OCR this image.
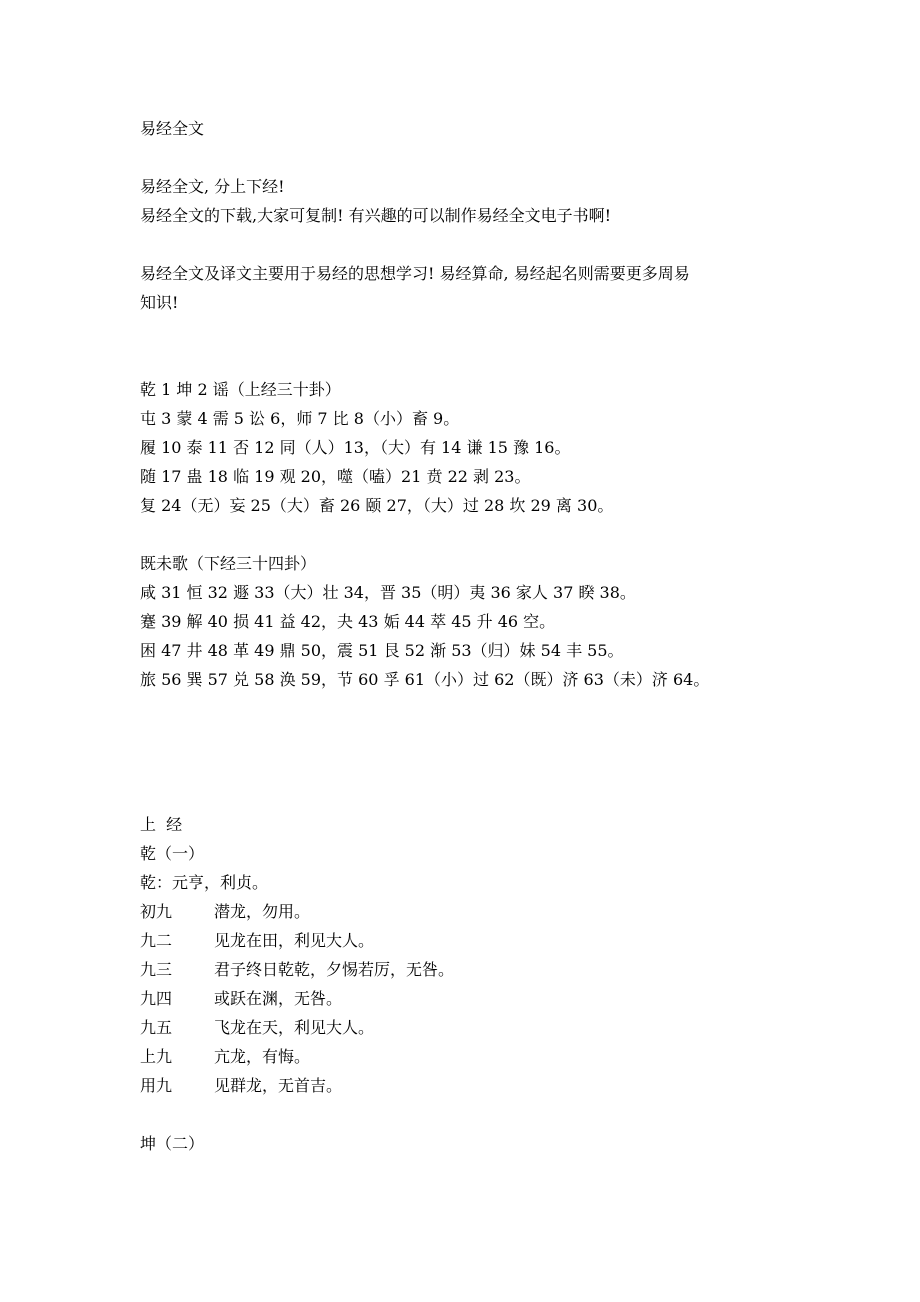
易经全文
易经全文, 分上下经!
易经全文的下载,大家可复制! 有兴趣的可以制作易经全文电子书啊!
易经全文及译文主要用于易经的思想学习! 易经算命, 易经起名则需要更多周易
知识!
乾 1 坤 2 谣（上经三十卦）
屯 3 蒙 4 需 5 讼 6，师 7 比 8（小）畜 9。
履 10 泰 11 否 12 同（人）13，（大）有 14 谦 15 豫 16。
随 17 蛊 18 临 19 观 20，噬（嗑）21 贲 22 剥 23。
复 24（无）妄 25（大）畜 26 颐 27，（大）过 28 坎 29 离 30。
既未歌（下经三十四卦）
咸 31 恒 32 遯 33（大）壮 34，晋 35（明）夷 36 家人 37 睽 38。
蹇 39 解 40 损 41 益 42，夬 43 姤 44 萃 45 升 46 空。
困 47 井 48 革 49 鼎 50，震 51 艮 52 渐 53（归）妹 54 丰 55。
旅 56 巽 57 兑 58 涣 59，节 60 孚 61（小）过 62（既）济 63（未）济 64。
上  经
乾（一）
乾：元亨，利贞。
初九	潜龙，勿用。
九二	见龙在田，利见大人。
九三	君子终日乾乾，夕惕若厉，无咎。
九四	或跃在渊，无咎。
九五	飞龙在天，利见大人。
上九	亢龙，有悔。
用九	见群龙，无首吉。
坤（二）
